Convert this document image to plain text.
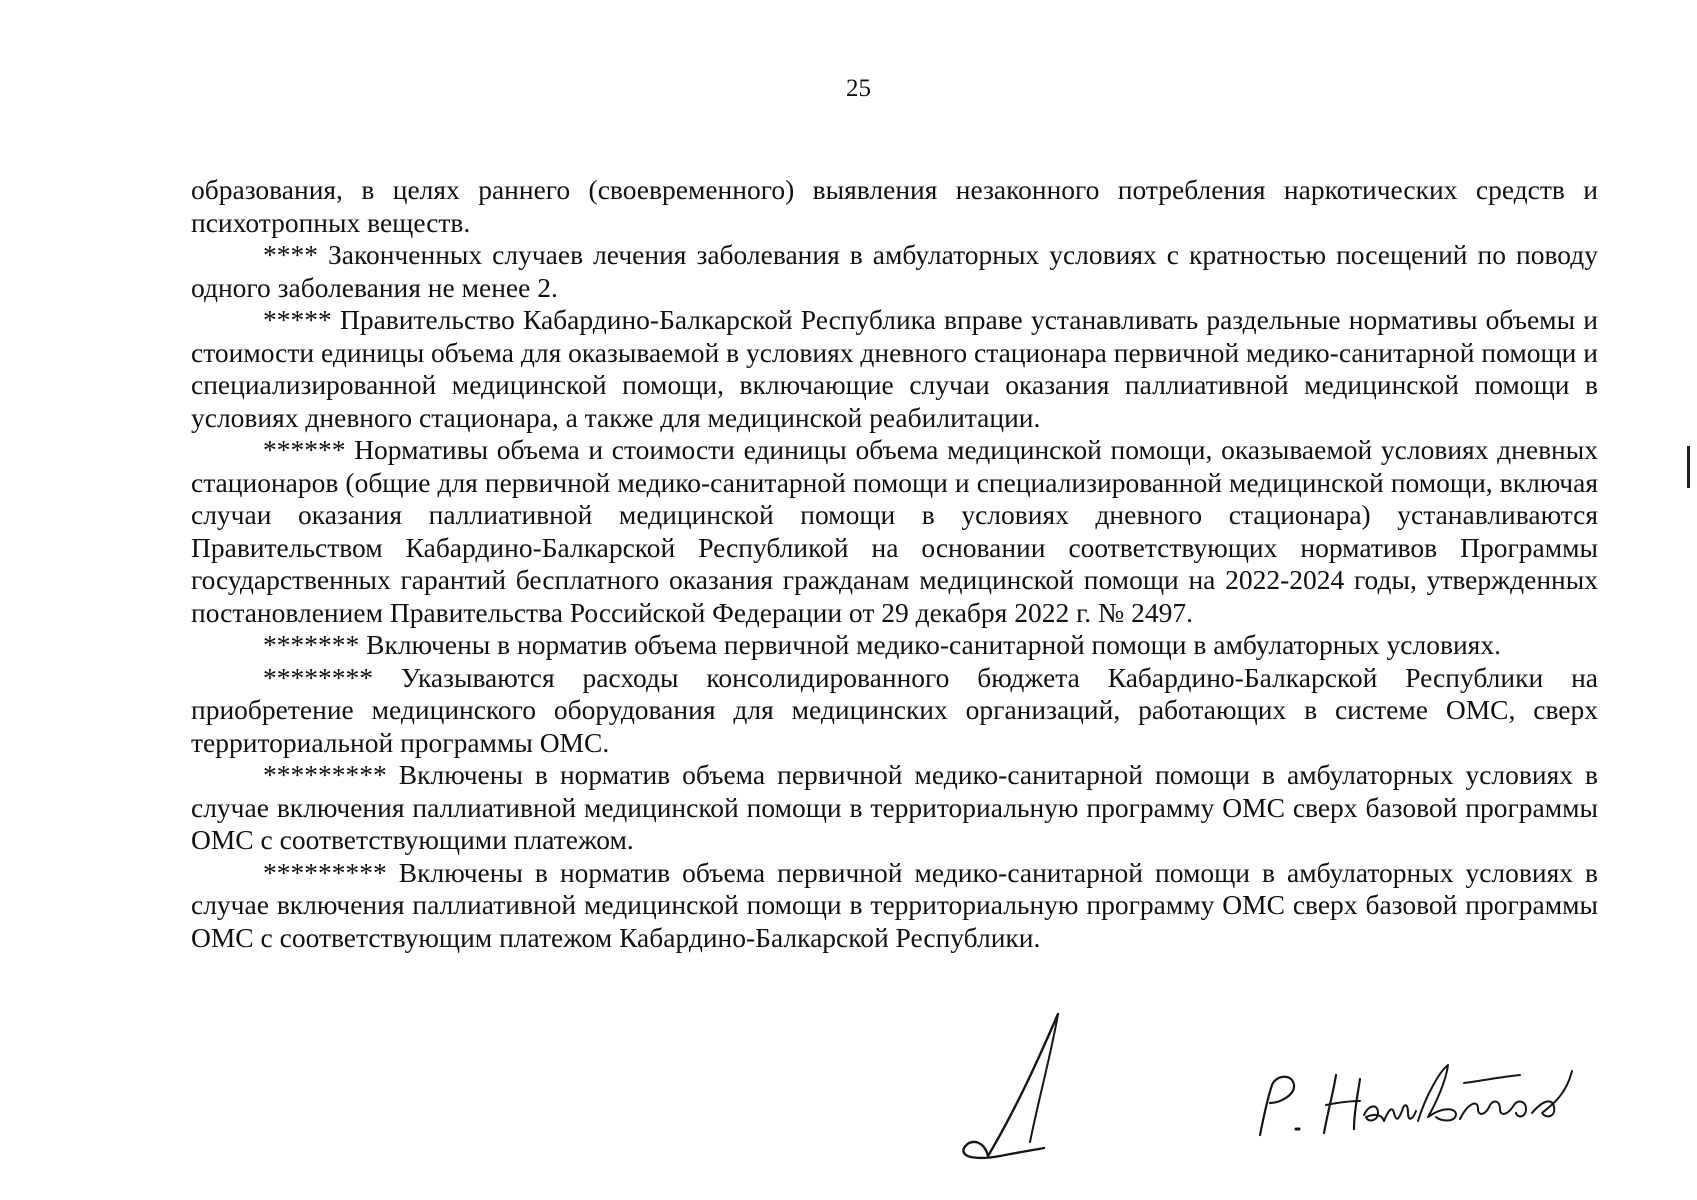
25

образования, в целях раннего (своевременного) выявления незаконного потребления наркотических средств и психотропных веществ.

**** Законченных случаев лечения заболевания в амбулаторных условиях с кратностью посещений по поводу одного заболевания не менее 2.

***** Правительство Кабардино-Балкарской Республика вправе устанавливать раздельные нормативы объемы и стоимости единицы объема для оказываемой в условиях дневного стационара первичной медико-санитарной помощи и специализированной медицинской помощи, включающие случаи оказания паллиативной медицинской помощи в условиях дневного стационара, а также для медицинской реабилитации.

****** Нормативы объема и стоимости единицы объема медицинской помощи, оказываемой условиях дневных стационаров (общие для первичной медико-санитарной помощи и специализированной медицинской помощи, включая случаи оказания паллиативной медицинской помощи в условиях дневного стационара) устанавливаются Правительством Кабардино-Балкарской Республикой на основании соответствующих нормативов Программы государственных гарантий бесплатного оказания гражданам медицинской помощи на 2022-2024 годы, утвержденных постановлением Правительства Российской Федерации от 29 декабря 2022 г. № 2497.

******* Включены в норматив объема первичной медико-санитарной помощи в амбулаторных условиях.

******** Указываются расходы консолидированного бюджета Кабардино-Балкарской Республики на приобретение медицинского оборудования для медицинских организаций, работающих в системе ОМС, сверх территориальной программы ОМС.

********* Включены в норматив объема первичной медико-санитарной помощи в амбулаторных условиях в случае включения паллиативной медицинской помощи в территориальную программу ОМС сверх базовой программы ОМС с соответствующими платежом.

********* Включены в норматив объема первичной медико-санитарной помощи в амбулаторных условиях в случае включения паллиативной медицинской помощи в территориальную программу ОМС сверх базовой программы ОМС с соответствующим платежом Кабардино-Балкарской Республики.
